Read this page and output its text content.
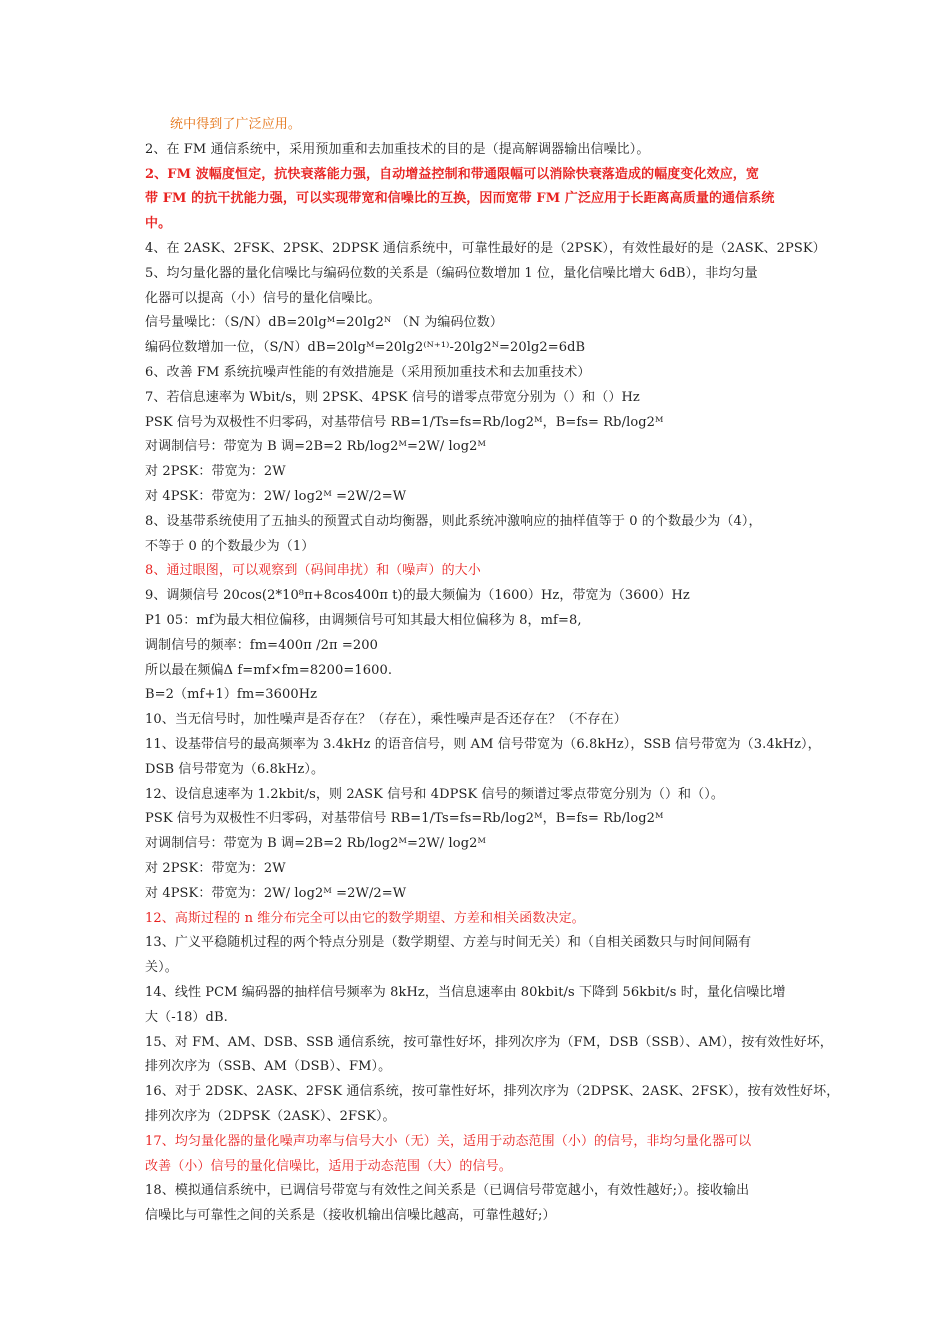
统中得到了广泛应用。
2、在 FM 通信系统中，采用预加重和去加重技术的目的是（提高解调器输出信噪比）。
2、FM 波幅度恒定，抗快衰落能力强，自动增益控制和带通限幅可以消除快衰落造成的幅度变化效应，宽
带 FM 的抗干扰能力强，可以实现带宽和信噪比的互换，因而宽带 FM 广泛应用于长距离高质量的通信系统
中。
4、在 2ASK、2FSK、2PSK、2DPSK 通信系统中，可靠性最好的是（2PSK），有效性最好的是（2ASK、2PSK）
5、均匀量化器的量化信噪比与编码位数的关系是（编码位数增加 1 位，量化信噪比增大 6dB），非均匀量
化器可以提高（小）信号的量化信噪比。
信号量噪比：（S/N）dB=20lgᴹ=20lg2ᴺ （N 为编码位数）
编码位数增加一位，（S/N）dB=20lgᴹ=20lg2⁽ᴺ⁺¹⁾-20lg2ᴺ=20lg2=6dB
6、改善 FM 系统抗噪声性能的有效措施是（采用预加重技术和去加重技术）
7、若信息速率为 Wbit/s，则 2PSK、4PSK 信号的谱零点带宽分别为（）和（）Hz
PSK 信号为双极性不归零码，对基带信号 RB=1/Ts=fs=Rb/log2ᴹ，B=fs= Rb/log2ᴹ
对调制信号：带宽为 B 调=2B=2 Rb/log2ᴹ=2W/ log2ᴹ
对 2PSK：带宽为：2W
对 4PSK：带宽为：2W/ log2ᴹ =2W/2=W
8、设基带系统使用了五抽头的预置式自动均衡器，则此系统冲激响应的抽样值等于 0 的个数最少为（4），
不等于 0 的个数最少为（1）
8、通过眼图，可以观察到（码间串扰）和（噪声）的大小
9、调频信号 20cos(2*10⁸π+8cos400π t)的最大频偏为（1600）Hz，带宽为（3600）Hz
P1 05：mf为最大相位偏移，由调频信号可知其最大相位偏移为 8，mf=8,
调制信号的频率：fm=400π /2π =200
所以最在频偏Δ f=mf×fm=8200=1600.
B=2（mf+1）fm=3600Hz
10、当无信号时，加性噪声是否存在？（存在），乘性噪声是否还存在？（不存在）
11、设基带信号的最高频率为 3.4kHz 的语音信号，则 AM 信号带宽为（6.8kHz），SSB 信号带宽为（3.4kHz），
DSB 信号带宽为（6.8kHz）。
12、设信息速率为 1.2kbit/s，则 2ASK 信号和 4DPSK 信号的频谱过零点带宽分别为（）和（）。
PSK 信号为双极性不归零码，对基带信号 RB=1/Ts=fs=Rb/log2ᴹ，B=fs= Rb/log2ᴹ
对调制信号：带宽为 B 调=2B=2 Rb/log2ᴹ=2W/ log2ᴹ
对 2PSK：带宽为：2W
对 4PSK：带宽为：2W/ log2ᴹ =2W/2=W
12、高斯过程的 n 维分布完全可以由它的数学期望、方差和相关函数决定。
13、广义平稳随机过程的两个特点分别是（数学期望、方差与时间无关）和（自相关函数只与时间间隔有
关）。
14、线性 PCM 编码器的抽样信号频率为 8kHz，当信息速率由 80kbit/s 下降到 56kbit/s 时，量化信噪比增
大（-18）dB.
15、对 FM、AM、DSB、SSB 通信系统，按可靠性好坏，排列次序为（FM，DSB（SSB）、AM），按有效性好坏，
排列次序为（SSB、AM（DSB）、FM）。
16、对于 2DSK、2ASK、2FSK 通信系统，按可靠性好坏，排列次序为（2DPSK、2ASK、2FSK），按有效性好坏，
排列次序为（2DPSK（2ASK）、2FSK）。
17、均匀量化器的量化噪声功率与信号大小（无）关，适用于动态范围（小）的信号，非均匀量化器可以
改善（小）信号的量化信噪比，适用于动态范围（大）的信号。
18、模拟通信系统中，已调信号带宽与有效性之间关系是（已调信号带宽越小，有效性越好;）。接收输出
信噪比与可靠性之间的关系是（接收机输出信噪比越高，可靠性越好;）
